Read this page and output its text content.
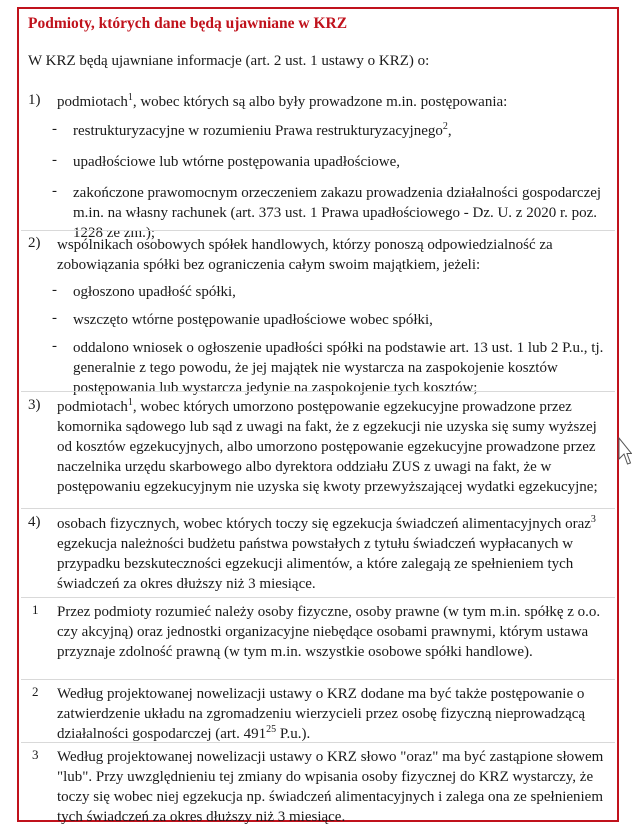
Podmioty, których dane będą ujawniane w KRZ

W KRZ będą ujawniane informacje (art. 2 ust. 1 ustawy o KRZ) o:

1) podmiotach$^1$, wobec których są albo były prowadzone m.in. postępowania:
- restrukturyzacyjne w rozumieniu Prawa restrukturyzacyjnego$^2$,
- upadłościowe lub wtórne postępowania upadłościowe,
- zakończone prawomocnym orzeczeniem zakazu prowadzenia działalności gospodarczej m.in. na własny rachunek (art. 373 ust. 1 Prawa upadłościowego - Dz. U. z 2020 r. poz. 1228 ze zm.);
2) wspólnikach osobowych spółek handlowych, którzy ponoszą odpowiedzialność za zobowiązania spółki bez ograniczenia całym swoim majątkiem, jeżeli:
- ogłoszono upadłość spółki,
- wszczęto wtórne postępowanie upadłościowe wobec spółki,
- oddalono wniosek o ogłoszenie upadłości spółki na podstawie art. 13 ust. 1 lub 2 P.u., tj. generalnie z tego powodu, że jej majątek nie wystarcza na zaspokojenie kosztów postępowania lub wystarcza jedynie na zaspokojenie tych kosztów;
3) podmiotach$^1$, wobec których umorzono postępowanie egzekucyjne prowadzone przez komornika sądowego lub sąd z uwagi na fakt, że z egzekucji nie uzyska się sumy wyższej od kosztów egzekucyjnych, albo umorzono postępowanie egzekucyjne prowadzone przez naczelnika urzędu skarbowego albo dyrektora oddziału ZUS z uwagi na fakt, że w postępowaniu egzekucyjnym nie uzyska się kwoty przewyższającej wydatki egzekucyjne;
4) osobach fizycznych, wobec których toczy się egzekucja świadczeń alimentacyjnych oraz$^3$ egzekucja należności budżetu państwa powstałych z tytułu świadczeń wypłacanych w przypadku bezskuteczności egzekucji alimentów, a które zalegają ze spełnieniem tych świadczeń za okres dłuższy niż 3 miesiące.
1 Przez podmioty rozumieć należy osoby fizyczne, osoby prawne (w tym m.in. spółkę z o.o. czy akcyjną) oraz jednostki organizacyjne niebędące osobami prawnymi, którym ustawa przyznaje zdolność prawną (w tym m.in. wszystkie osobowe spółki handlowe).
2 Według projektowanej nowelizacji ustawy o KRZ dodane ma być także postępowanie o zatwierdzenie układu na zgromadzeniu wierzycieli przez osobę fizyczną nieprowadzącą działalności gospodarczej (art. $491^{25}$ P.u.).
3 Według projektowanej nowelizacji ustawy o KRZ słowo "oraz" ma być zastąpione słowem "lub". Przy uwzględnieniu tej zmiany do wpisania osoby fizycznej do KRZ wystarczy, że toczy się wobec niej egzekucja np. świadczeń alimentacyjnych i zalega ona ze spełnieniem tych świadczeń za okres dłuższy niż 3 miesiące.
